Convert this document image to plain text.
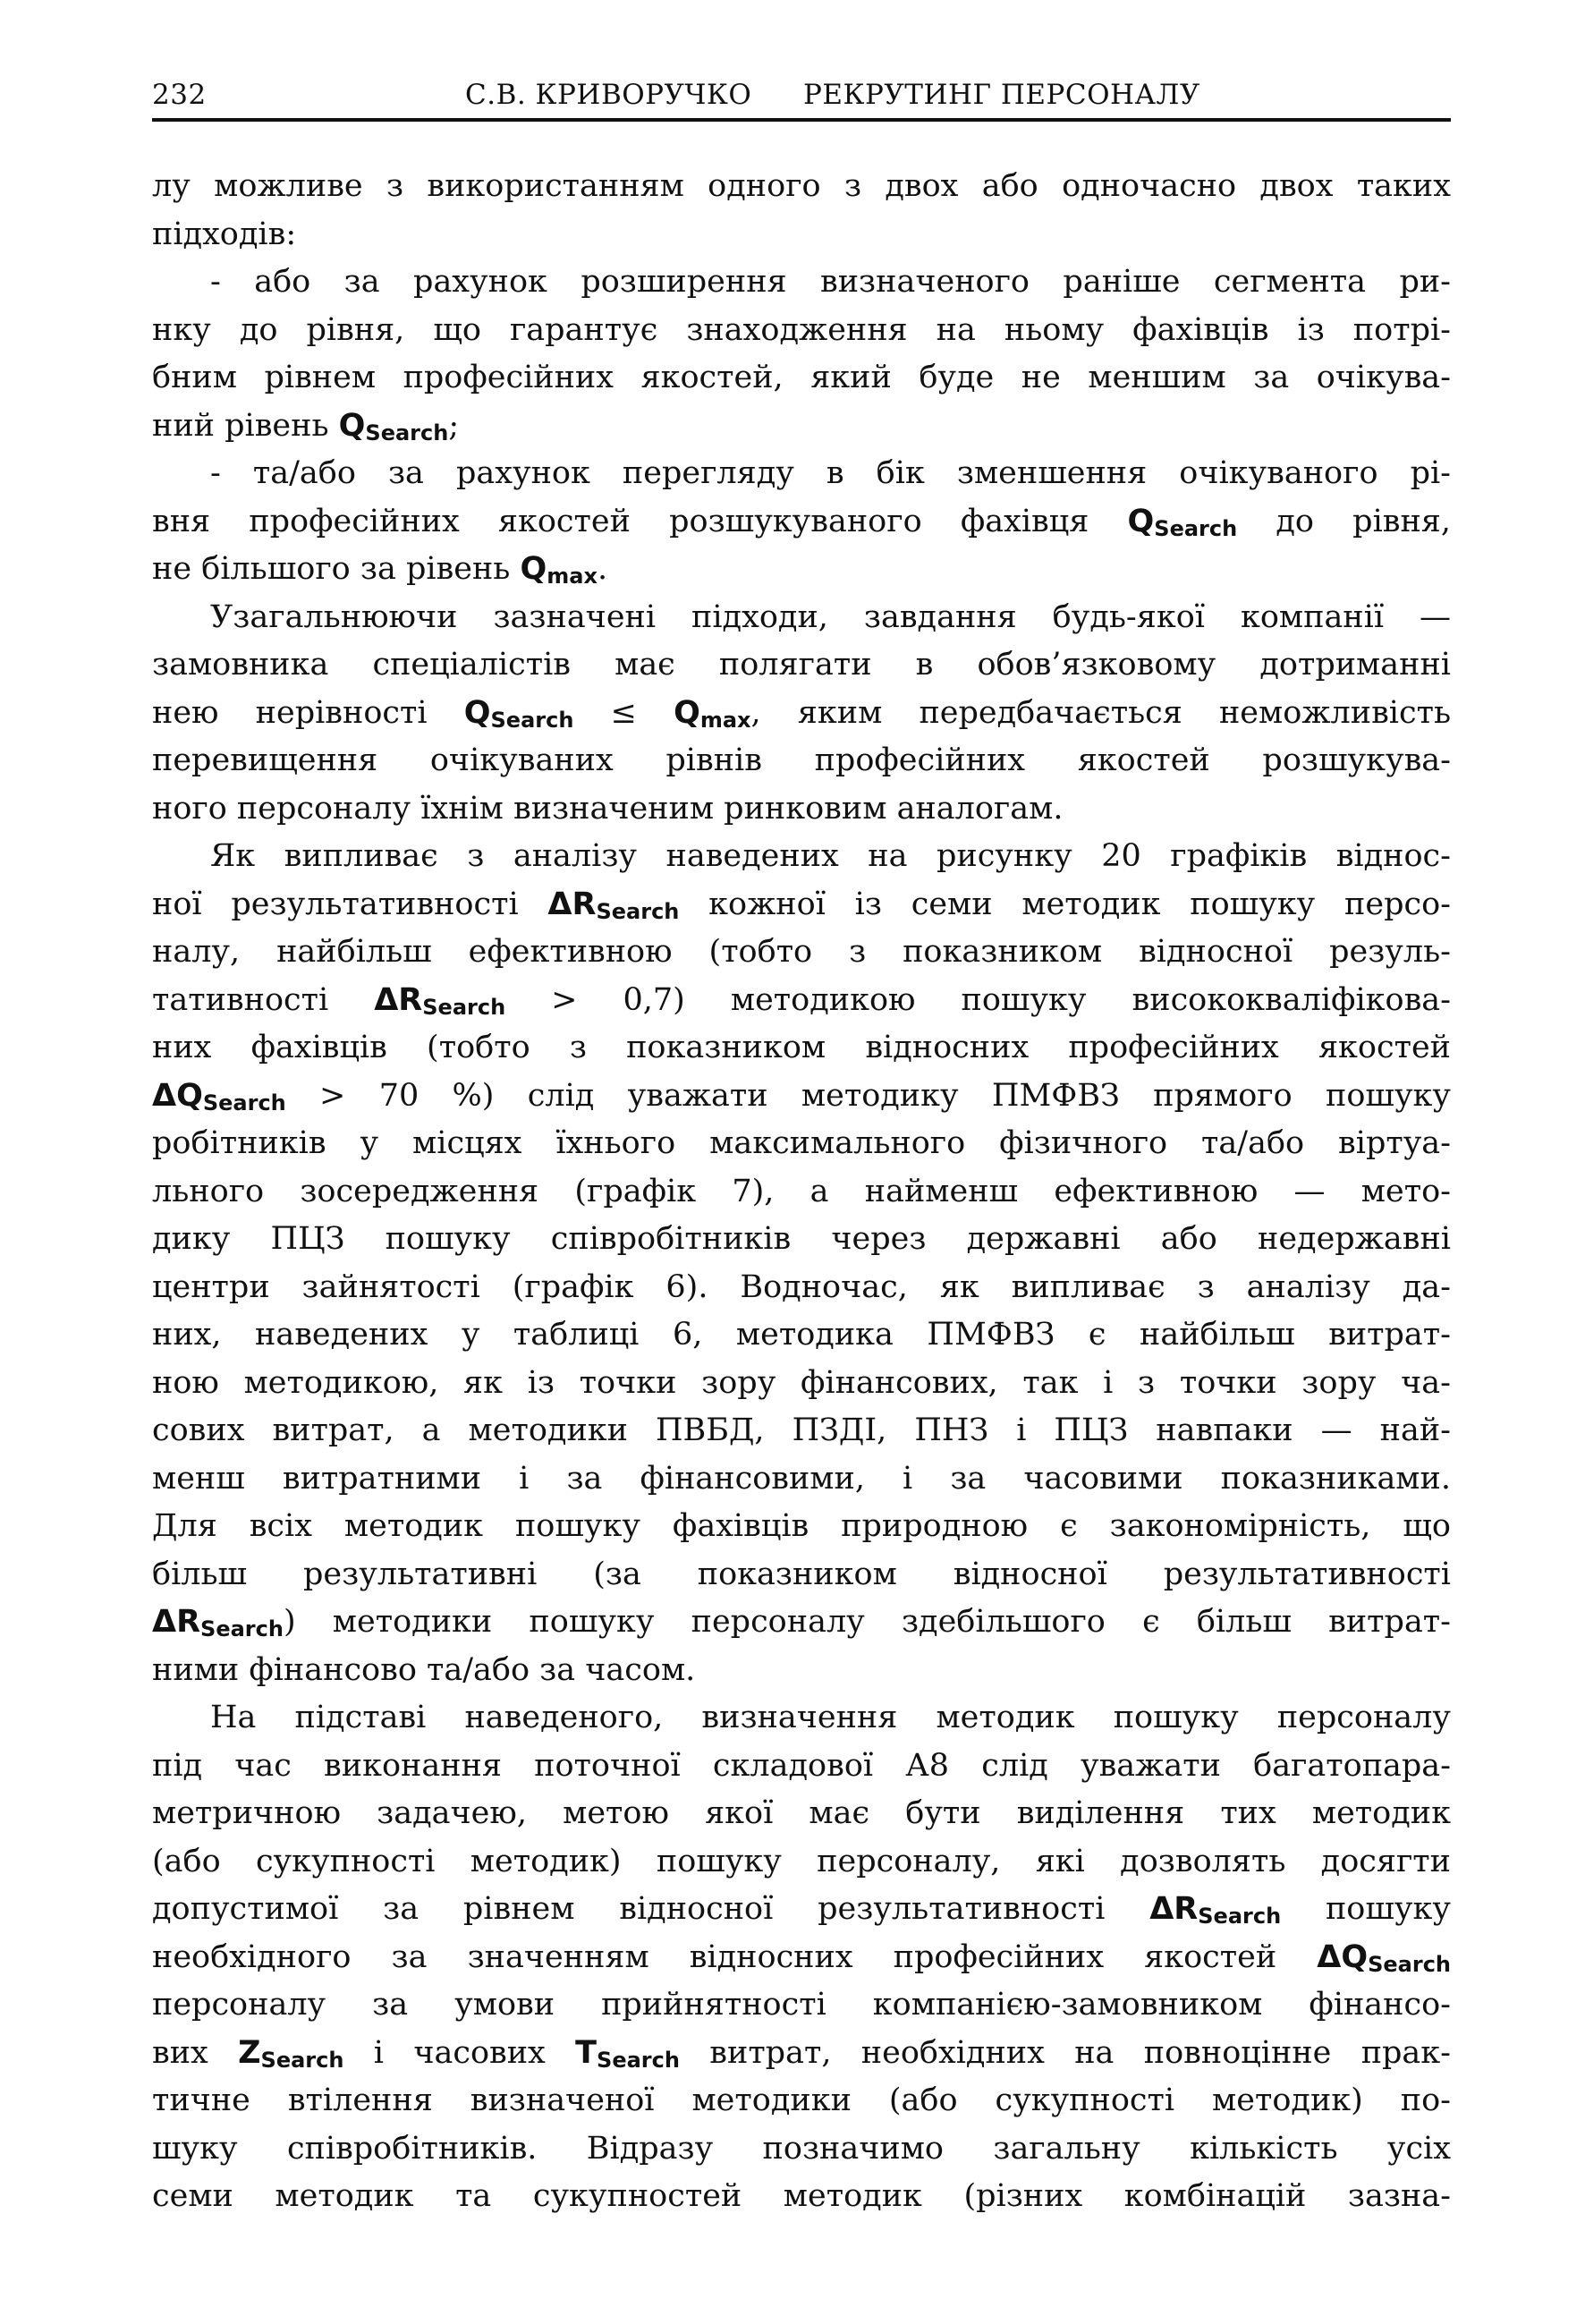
232	С.В. КРИВОРУЧКО РЕКРУТИНГ ПЕРСОНАЛУ
лу можливе з використанням одного з двох або одночасно двох таких
підходів:
- або за рахунок розширення визначеного раніше сегмента ри-
нку до рівня, що гарантує знаходження на ньому фахівців із потрі-
бним рівнем професійних якостей, який буде не меншим за очікува-
ний рівень $Q_{Search}$;
- та/або за рахунок перегляду в бік зменшення очікуваного рі-
вня професійних якостей розшукуваного фахівця $Q_{Search}$ до рівня,
не більшого за рівень $Q_{max}$.
Узагальнюючи зазначені підходи, завдання будь-якої компанії —
замовника спеціалістів має полягати в обов’язковому дотриманні
нею нерівності $Q_{Search} \le Q_{max}$, яким передбачається неможливість
перевищення очікуваних рівнів професійних якостей розшукува-
ного персоналу їхнім визначеним ринковим аналогам.
Як випливає з аналізу наведених на рисунку 20 графіків віднос-
ної результативності $\Delta R_{Search}$ кожної із семи методик пошуку персо-
налу, найбільш ефективною (тобто з показником відносної резуль-
тативності $\Delta R_{Search} > 0,7$) методикою пошуку висококваліфікова-
них фахівців (тобто з показником відносних професійних якостей
$\Delta Q_{Search} > 70$ %) слід уважати методику ПМФВЗ прямого пошуку
робітників у місцях їхнього максимального фізичного та/або віртуа-
льного зосередження (графік 7), а найменш ефективною — мето-
дику ПЦЗ пошуку співробітників через державні або недержавні
центри зайнятості (графік 6). Водночас, як випливає з аналізу да-
них, наведених у таблиці 6, методика ПМФВЗ є найбільш витрат-
ною методикою, як із точки зору фінансових, так і з точки зору ча-
сових витрат, а методики ПВБД, ПЗДІ, ПНЗ і ПЦЗ навпаки — най-
менш витратними і за фінансовими, і за часовими показниками.
Для всіх методик пошуку фахівців природною є закономірність, що
більш результативні (за показником відносної результативності
$\Delta R_{Search}$) методики пошуку персоналу здебільшого є більш витрат-
ними фінансово та/або за часом.
На підставі наведеного, визначення методик пошуку персоналу
під час виконання поточної складової А8 слід уважати багатопара-
метричною задачею, метою якої має бути виділення тих методик
(або сукупності методик) пошуку персоналу, які дозволять досягти
допустимої за рівнем відносної результативності $\Delta R_{Search}$ пошуку
необхідного за значенням відносних професійних якостей $\Delta Q_{Search}$
персоналу за умови прийнятності компанією-замовником фінансо-
вих $Z_{Search}$ і часових $T_{Search}$ витрат, необхідних на повноцінне прак-
тичне втілення визначеної методики (або сукупності методик) по-
шуку співробітників. Відразу позначимо загальну кількість усіх
семи методик та сукупностей методик (різних комбінацій зазна-
